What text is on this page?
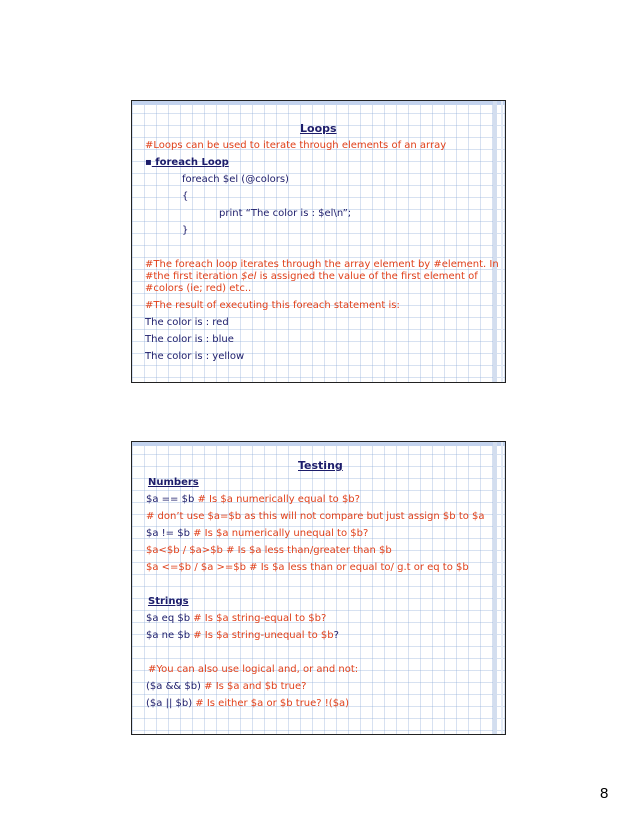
Loops
#Loops can be used to iterate through elements of an array
▪ foreach Loop
foreach $el (@colors)
{
print “The color is : $el\n”;
}
#The foreach loop iterates through the array element by #element. In
#the first iteration $el is assigned the value of the first element of
#colors (ie; red) etc..
#The result of executing this foreach statement is:
The color is : red
The color is : blue
The color is : yellow
Testing
Numbers
$a == $b # Is $a numerically equal to $b?
# don’t use $a=$b as this will not compare but just assign $b to $a
$a != $b # Is $a numerically unequal to $b?
$a<$b / $a>$b # Is $a less than/greater than $b
$a <=$b / $a >=$b # Is $a less than or equal to/ g.t or eq to $b
Strings
$a eq $b # Is $a string-equal to $b?
$a ne $b # Is $a string-unequal to $b?
#You can also use logical and, or and not:
($a && $b) # Is $a and $b true?
($a || $b) # Is either $a or $b true? !($a)
8
